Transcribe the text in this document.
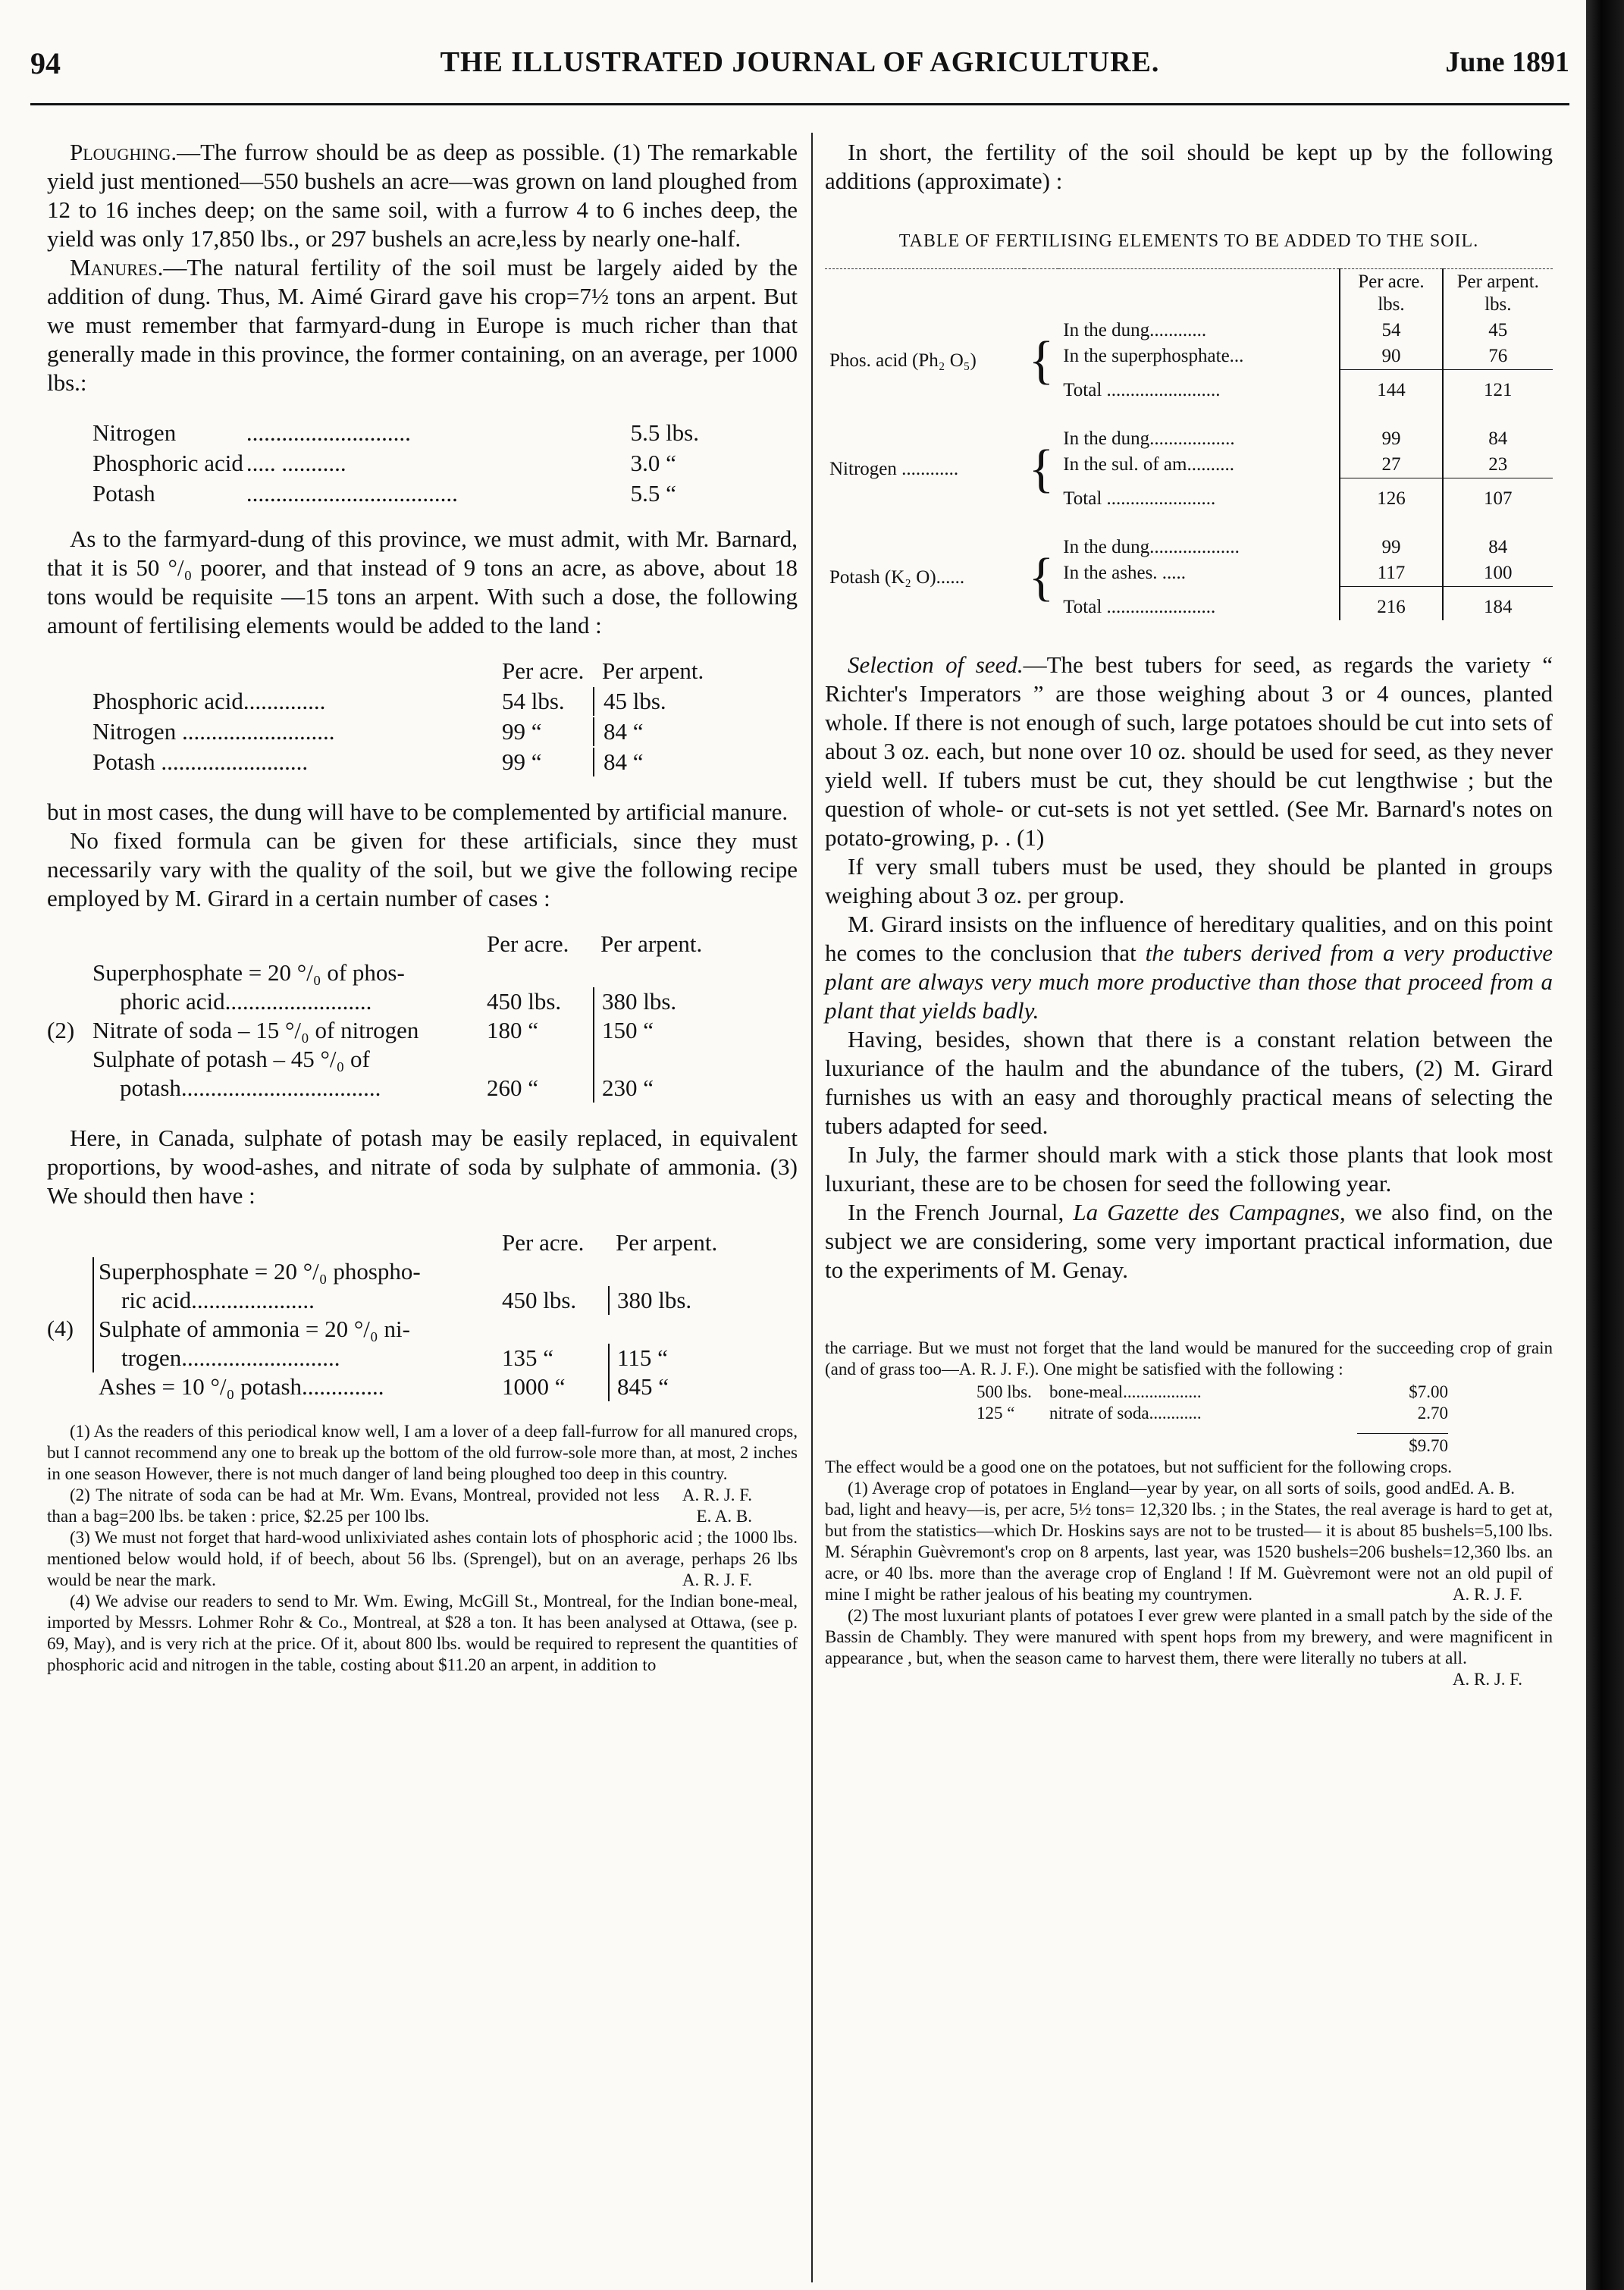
94	THE ILLUSTRATED JOURNAL OF AGRICULTURE.	June 1891

Ploughing.—The furrow should be as deep as possible. (1) The remarkable yield just mentioned—550 bushels an acre—was grown on land ploughed from 12 to 16 inches deep; on the same soil, with a furrow 4 to 6 inches deep, the yield was only 17,850 lbs., or 297 bushels an acre,less by nearly one-half.

Manures.—The natural fertility of the soil must be largely aided by the addition of dung. Thus, M. Aimé Girard gave his crop=7½ tons an arpent. But we must remember that farmyard-dung in Europe is much richer than that generally made in this province, the former containing, on an average, per 1000 lbs.:

Nitrogen	............................	5.5 lbs.
Phosphoric acid ..... ...........	3.0 “
Potash	....................................	5.5 “

As to the farmyard-dung of this province, we must admit, with Mr. Barnard, that it is 50 °/₀ poorer, and that instead of 9 tons an acre, as above, about 18 tons would be requisite —15 tons an arpent. With such a dose, the following amount of fertilising elements would be added to the land :

Per acre. Per arpent.
Phosphoric acid..............	54 lbs.	45 lbs.
Nitrogen ..........................	99 “	84 “
Potash .........................	99 “	84 “

but in most cases, the dung will have to be complemented by artificial manure.

No fixed formula can be given for these artificials, since they must necessarily vary with the quality of the soil, but we give the following recipe employed by M. Girard in a certain number of cases :

Per acre.	Per arpent.
Superphosphate = 20 °/₀ of phos-
phoric acid.........................	450 lbs.	380 lbs.
(2) Nitrate of soda – 15 °/₀ of nitrogen	180 “	150 “
Sulphate of potash – 45 °/₀ of
potash..................................	260 “	230 “

Here, in Canada, sulphate of potash may be easily replaced, in equivalent proportions, by wood-ashes, and nitrate of soda by sulphate of ammonia. (3) We should then have :

Per acre.	Per arpent.
(4)
Superphosphate = 20 °/₀ phospho-
ric acid.....................	450 lbs.	380 lbs.
Sulphate of ammonia = 20 °/₀ ni-
trogen...........................	135 “	115 “
Ashes = 10 °/₀ potash..............	1000 “	845 “

(1) As the readers of this periodical know well, I am a lover of a deep fall-furrow for all manured crops, but I cannot recommend any one to break up the bottom of the old furrow-sole more than, at most, 2 inches in one season However, there is not much danger of land being ploughed too deep in this country.
A. R. J. F.

(2) The nitrate of soda can be had at Mr. Wm. Evans, Montreal, provided not less than a bag=200 lbs. be taken : price, $2.25 per 100 lbs.	E. A. B.

(3) We must not forget that hard-wood unlixiviated ashes contain lots of phosphoric acid ; the 1000 lbs. mentioned below would hold, if of beech, about 56 lbs. (Sprengel), but on an average, perhaps 26 lbs would be near the mark.	A. R. J. F.

(4) We advise our readers to send to Mr. Wm. Ewing, McGill St., Montreal, for the Indian bone-meal, imported by Messrs. Lohmer Rohr & Co., Montreal, at $28 a ton. It has been analysed at Ottawa, (see p. 69, May), and is very rich at the price. Of it, about 800 lbs. would be required to represent the quantities of phosphoric acid and nitrogen in the table, costing about $11.20 an arpent, in addition to

In short, the fertility of the soil should be kept up by the following additions (approximate) :

TABLE OF FERTILISING ELEMENTS TO BE ADDED TO THE SOIL.
			Per acre. lbs.	Per arpent. lbs.
Phos. acid (Ph₂ O₅)	{	In the dung............	54	45
		In the superphosphate...	90	76
		Total ........................	144	121

Nitrogen ............	{	In the dung..................	99	84
		In the sul. of am..........	27	23
		Total .......................	126	107

Potash (K₂ O)......	{	In the dung...................	99	84
		In the ashes. .....	117	100
		Total .......................	216	184

Selection of seed.—The best tubers for seed, as regards the variety “ Richter's Imperators ” are those weighing about 3 or 4 ounces, planted whole. If there is not enough of such, large potatoes should be cut into sets of about 3 oz. each, but none over 10 oz. should be used for seed, as they never yield well. If tubers must be cut, they should be cut lengthwise ; but the question of whole- or cut-sets is not yet settled. (See Mr. Barnard's notes on potato-growing, p. . (1)

If very small tubers must be used, they should be planted in groups weighing about 3 oz. per group.

M. Girard insists on the influence of hereditary qualities, and on this point he comes to the conclusion that the tubers derived from a very productive plant are always very much more productive than those that proceed from a plant that yields badly.

Having, besides, shown that there is a constant relation between the luxuriance of the haulm and the abundance of the tubers, (2) M. Girard furnishes us with an easy and thoroughly practical means of selecting the tubers adapted for seed.

In July, the farmer should mark with a stick those plants that look most luxuriant, these are to be chosen for seed the following year.

In the French Journal, La Gazette des Campagnes, we also find, on the subject we are considering, some very important practical information, due to the experiments of M. Genay.

the carriage. But we must not forget that the land would be manured for the succeeding crop of grain (and of grass too—A. R. J. F.). One might be satisfied with the following :

500 lbs.	bone-meal..................	$7.00
125 “	nitrate of soda............	2.70
$9.70

The effect would be a good one on the potatoes, but not sufficient for the following crops.
Ed. A. B.

(1) Average crop of potatoes in England—year by year, on all sorts of soils, good and bad, light and heavy—is, per acre, 5½ tons= 12,320 lbs. ; in the States, the real average is hard to get at, but from the statistics—which Dr. Hoskins says are not to be trusted— it is about 85 bushels=5,100 lbs. M. Séraphin Guèvremont's crop on 8 arpents, last year, was 1520 bushels=206 bushels=12,360 lbs. an acre, or 40 lbs. more than the average crop of England ! If M. Guèvremont were not an old pupil of mine I might be rather jealous of his beating my countrymen.	A. R. J. F.

(2) The most luxuriant plants of potatoes I ever grew were planted in a small patch by the side of the Bassin de Chambly. They were manured with spent hops from my brewery, and were magnificent in appearance , but, when the season came to harvest them, there were literally no tubers at all.
A. R. J. F.
